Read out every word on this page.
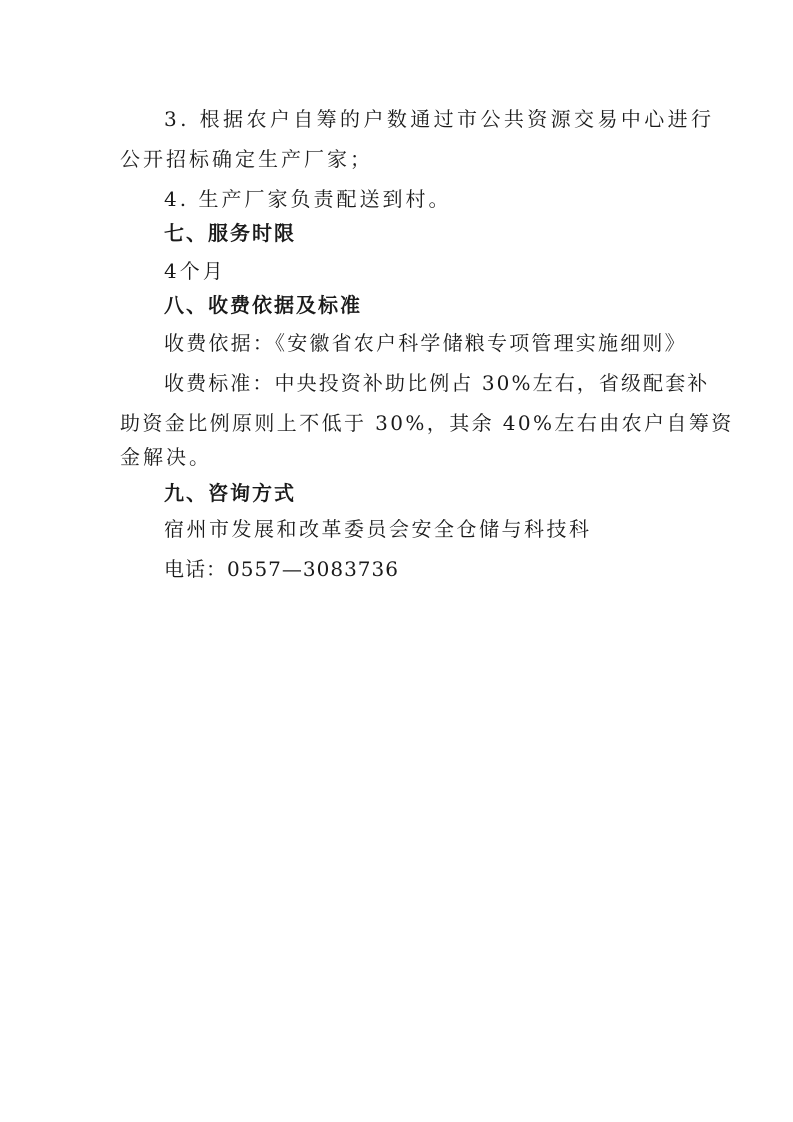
3. 根据农户自筹的户数通过市公共资源交易中心进行
公开招标确定生产厂家；
4. 生产厂家负责配送到村。
七、服务时限
4个月
八、收费依据及标准
收费依据：《安徽省农户科学储粮专项管理实施细则》
收费标准：中央投资补助比例占 30%左右，省级配套补
助资金比例原则上不低于 30%，其余 40%左右由农户自筹资
金解决。
九、咨询方式
宿州市发展和改革委员会安全仓储与科技科
电话：0557—3083736
